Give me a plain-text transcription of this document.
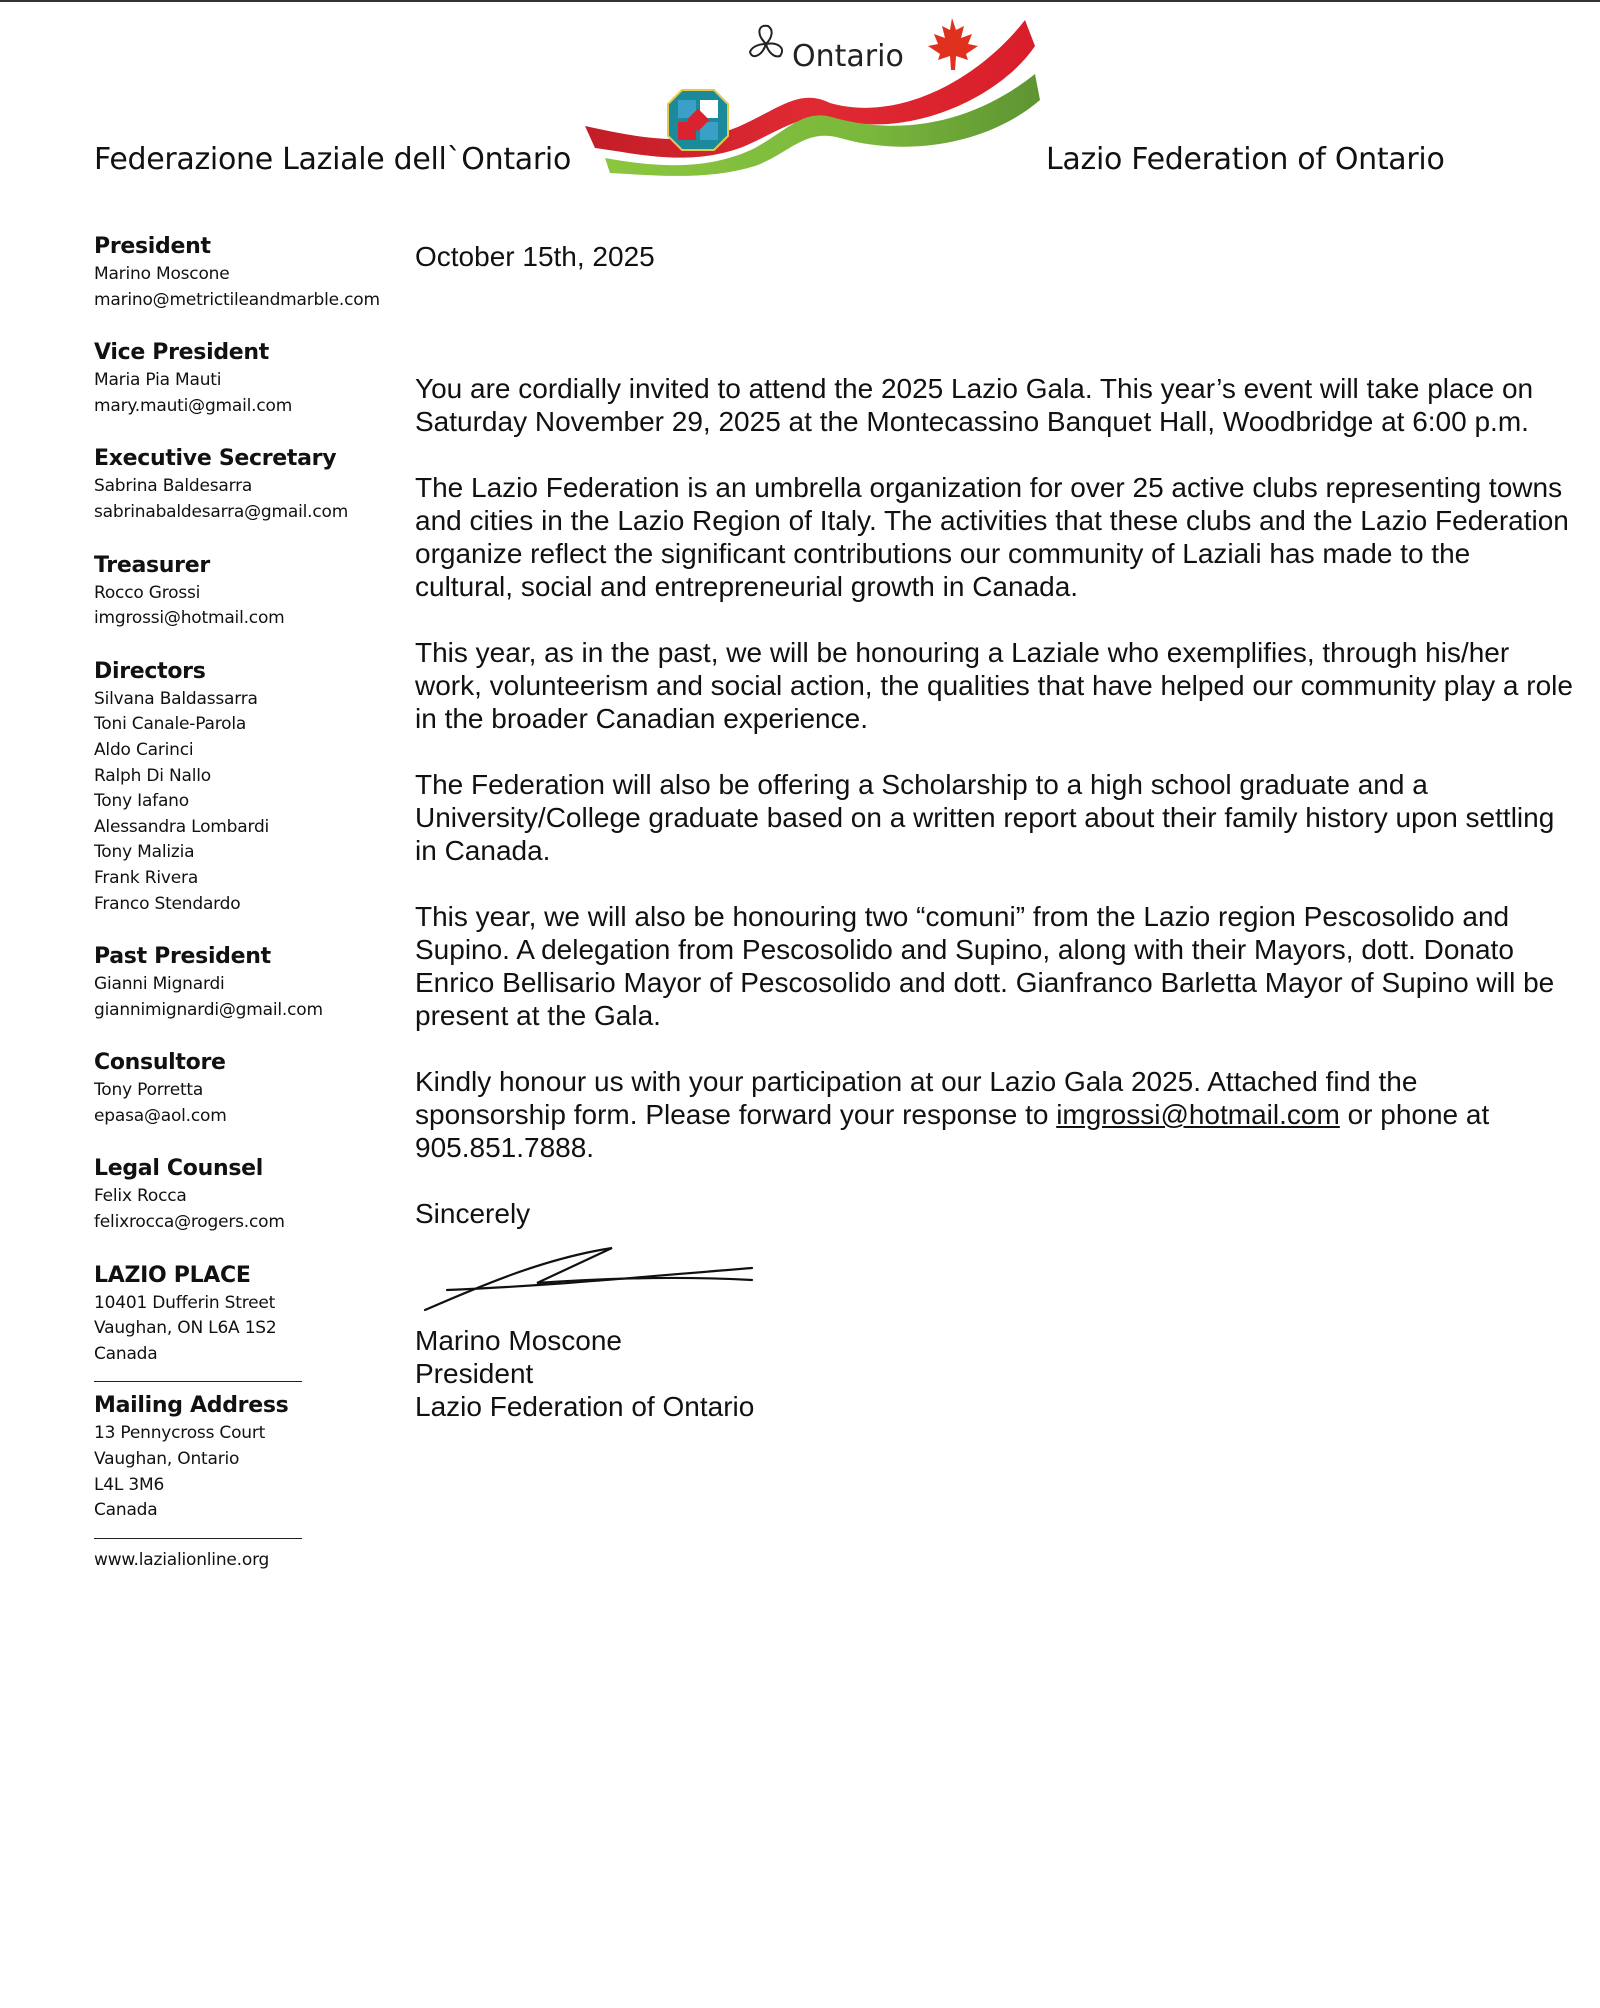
Federazione Laziale dell`Ontario
Ontario
Lazio Federation of Ontario
President
Marino Moscone
marino@metrictileandmarble.com
Vice President
Maria Pia Mauti
mary.mauti@gmail.com
Executive Secretary
Sabrina Baldesarra
sabrinabaldesarra@gmail.com
Treasurer
Rocco Grossi
imgrossi@hotmail.com
Directors
Silvana Baldassarra
Toni Canale-Parola
Aldo Carinci
Ralph Di Nallo
Tony Iafano
Alessandra Lombardi
Tony Malizia
Frank Rivera
Franco Stendardo
Past President
Gianni Mignardi
giannimignardi@gmail.com
Consultore
Tony Porretta
epasa@aol.com
Legal Counsel
Felix Rocca
felixrocca@rogers.com
LAZIO PLACE
10401 Dufferin Street
Vaughan, ON L6A 1S2
Canada
Mailing Address
13 Pennycross Court
Vaughan, Ontario
L4L 3M6
Canada
www.lazialionline.org
October 15th, 2025

You are cordially invited to attend the 2025 Lazio Gala. This year’s event will take place on Saturday November 29, 2025 at the Montecassino Banquet Hall, Woodbridge at 6:00 p.m.

The Lazio Federation is an umbrella organization for over 25 active clubs representing towns and cities in the Lazio Region of Italy. The activities that these clubs and the Lazio Federation organize reflect the significant contributions our community of Laziali has made to the cultural, social and entrepreneurial growth in Canada.

This year, as in the past, we will be honouring a Laziale who exemplifies, through his/her work, volunteerism and social action, the qualities that have helped our community play a role in the broader Canadian experience.

The Federation will also be offering a Scholarship to a high school graduate and a University/College graduate based on a written report about their family history upon settling in Canada.

This year, we will also be honouring two “comuni” from the Lazio region Pescosolido and Supino. A delegation from Pescosolido and Supino, along with their Mayors, dott. Donato Enrico Bellisario Mayor of Pescosolido and dott. Gianfranco Barletta Mayor of Supino will be present at the Gala.

Kindly honour us with your participation at our Lazio Gala 2025. Attached find the sponsorship form. Please forward your response to imgrossi@hotmail.com or phone at 905.851.7888.

Sincerely
Marino Moscone
President
Lazio Federation of Ontario
